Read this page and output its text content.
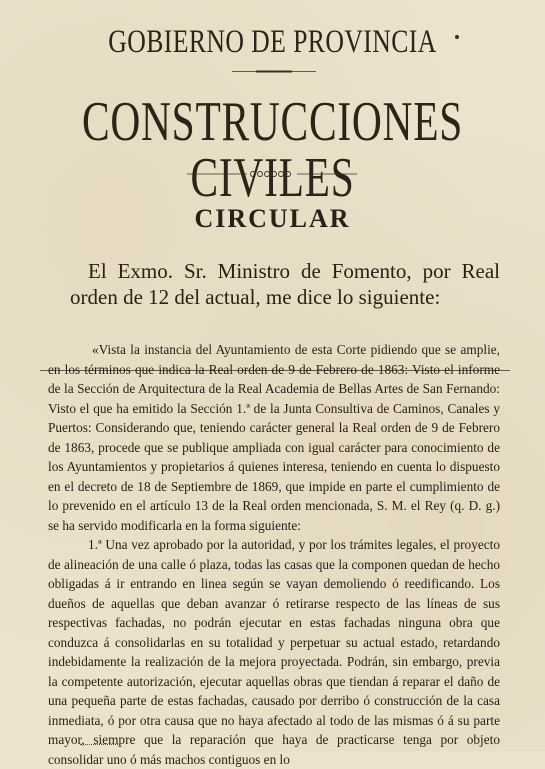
GOBIERNO DE PROVINCIA
CONSTRUCCIONES CIVILES
CIRCULAR
El Exmo. Sr. Ministro de Fomento, por Real
orden de 12 del actual, me dice lo siguiente:

«Vista la instancia del Ayuntamiento de esta Corte pidiendo que se amplie, en los términos que indica la Real orden de 9 de Febrero de 1863: Visto el informe de la Sección de Arquitectura de la Real Academia de Bellas Artes de San Fernando: Visto el que ha emitido la Sección 1.ª de la Junta Consultiva de Caminos, Canales y Puertos: Considerando que, teniendo carácter general la Real orden de 9 de Febrero de 1863, procede que se publique ampliada con igual carácter para conocimiento de los Ayuntamientos y propietarios á quienes interesa, teniendo en cuenta lo dispuesto en el decreto de 18 de Septiembre de 1869, que impide en parte el cumplimiento de lo prevenido en el artículo 13 de la Real orden mencionada, S. M. el Rey (q. D. g.) se ha servido modificarla en la forma siguiente:

1.ª Una vez aprobado por la autoridad, y por los trámites legales, el proyecto de alineación de una calle ó plaza, todas las casas que la componen quedan de hecho obligadas á ir entrando en linea según se vayan demoliendo ó reedificando. Los dueños de aquellas que deban avanzar ó retirarse respecto de las líneas de sus respectivas fachadas, no podrán ejecutar en estas fachadas ninguna obra que conduzca á consolidarlas en su totalidad y perpetuar su actual estado, retardando indebidamente la realización de la mejora proyectada. Podrán, sin embargo, previa la competente autorización, ejecutar aquellas obras que tiendan á reparar el daño de una pequeña parte de estas fachadas, causado por derribo ó construcción de la casa inmediata, ó por otra causa que no haya afectado al todo de las mismas ó á su parte mayor, siempre que la reparación que haya de practicarse tenga por objeto consolidar uno ó más machos contiguos en lo
